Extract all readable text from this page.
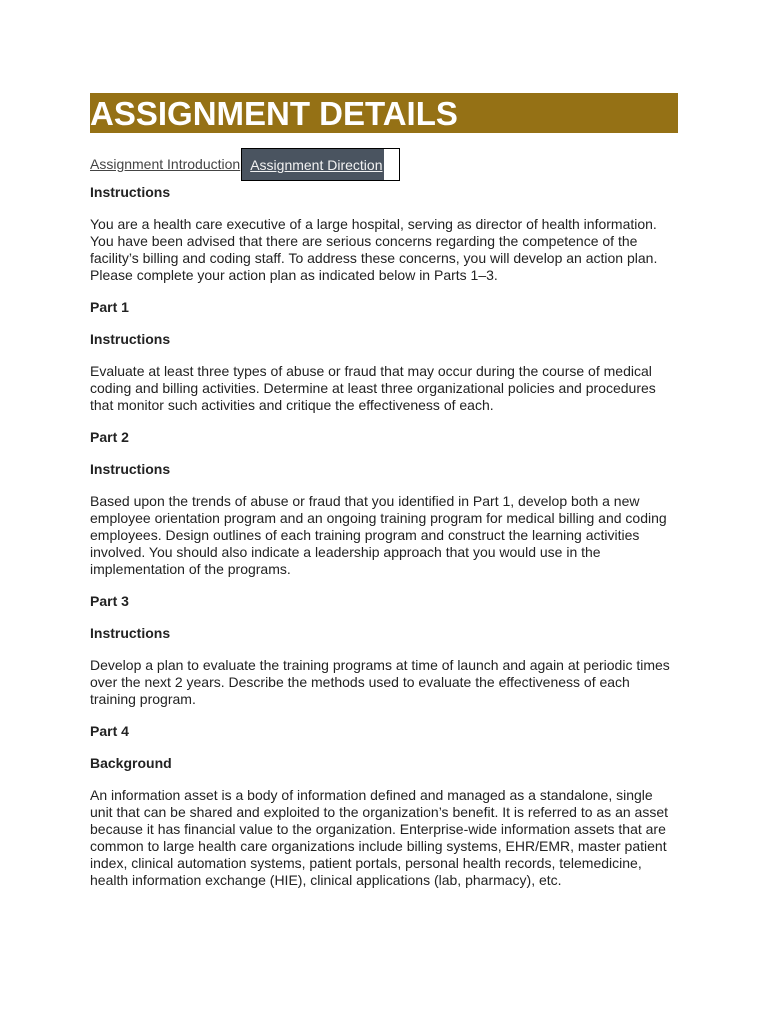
ASSIGNMENT DETAILS
Assignment Introduction Assignment Direction

Instructions

You are a health care executive of a large hospital, serving as director of health information. You have been advised that there are serious concerns regarding the competence of the facility’s billing and coding staff. To address these concerns, you will develop an action plan. Please complete your action plan as indicated below in Parts 1–3.

Part 1

Instructions

Evaluate at least three types of abuse or fraud that may occur during the course of medical coding and billing activities. Determine at least three organizational policies and procedures that monitor such activities and critique the effectiveness of each.

Part 2

Instructions

Based upon the trends of abuse or fraud that you identified in Part 1, develop both a new employee orientation program and an ongoing training program for medical billing and coding employees. Design outlines of each training program and construct the learning activities involved. You should also indicate a leadership approach that you would use in the implementation of the programs.

Part 3

Instructions

Develop a plan to evaluate the training programs at time of launch and again at periodic times over the next 2 years. Describe the methods used to evaluate the effectiveness of each training program.

Part 4

Background

An information asset is a body of information defined and managed as a standalone, single unit that can be shared and exploited to the organization’s benefit. It is referred to as an asset because it has financial value to the organization. Enterprise-wide information assets that are common to large health care organizations include billing systems, EHR/EMR, master patient index, clinical automation systems, patient portals, personal health records, telemedicine, health information exchange (HIE), clinical applications (lab, pharmacy), etc.
